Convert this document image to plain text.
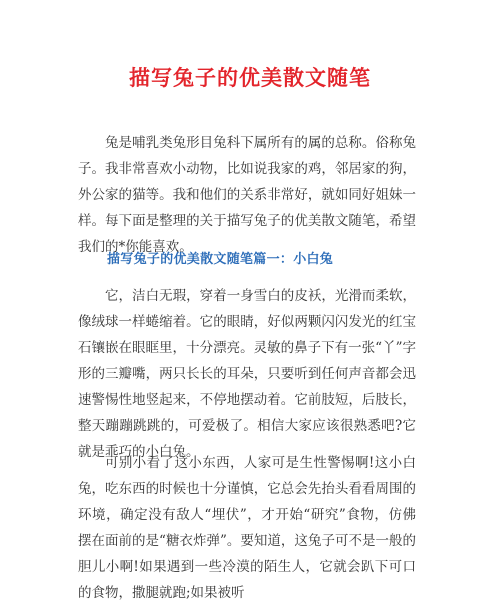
描写兔子的优美散文随笔

兔是哺乳类兔形目兔科下属所有的属的总称。俗称兔子。我非常喜欢小动物，比如说我家的鸡，邻居家的狗，外公家的猫等。我和他们的关系非常好，就如同好姐妹一样。每下面是整理的关于描写兔子的优美散文随笔，希望我们的*你能喜欢。

描写兔子的优美散文随笔篇一：小白兔

它，洁白无瑕，穿着一身雪白的皮袄，光滑而柔软，像绒球一样蜷缩着。它的眼睛，好似两颗闪闪发光的红宝石镶嵌在眼眶里，十分漂亮。灵敏的鼻子下有一张“丫”字形的三瓣嘴，两只长长的耳朵，只要听到任何声音都会迅速警惕性地竖起来，不停地摆动着。它前肢短，后肢长，整天蹦蹦跳跳的，可爱极了。相信大家应该很熟悉吧?它就是乖巧的小白兔。

可别小看了这小东西，人家可是生性警惕啊!这小白兔，吃东西的时候也十分谨慎，它总会先抬头看看周围的环境，确定没有敌人“埋伏”，才开始“研究”食物，仿佛摆在面前的是“糖衣炸弹”。要知道，这兔子可不是一般的胆儿小啊!如果遇到一些冷漠的陌生人，它就会趴下可口的食物，撒腿就跑;如果被听
